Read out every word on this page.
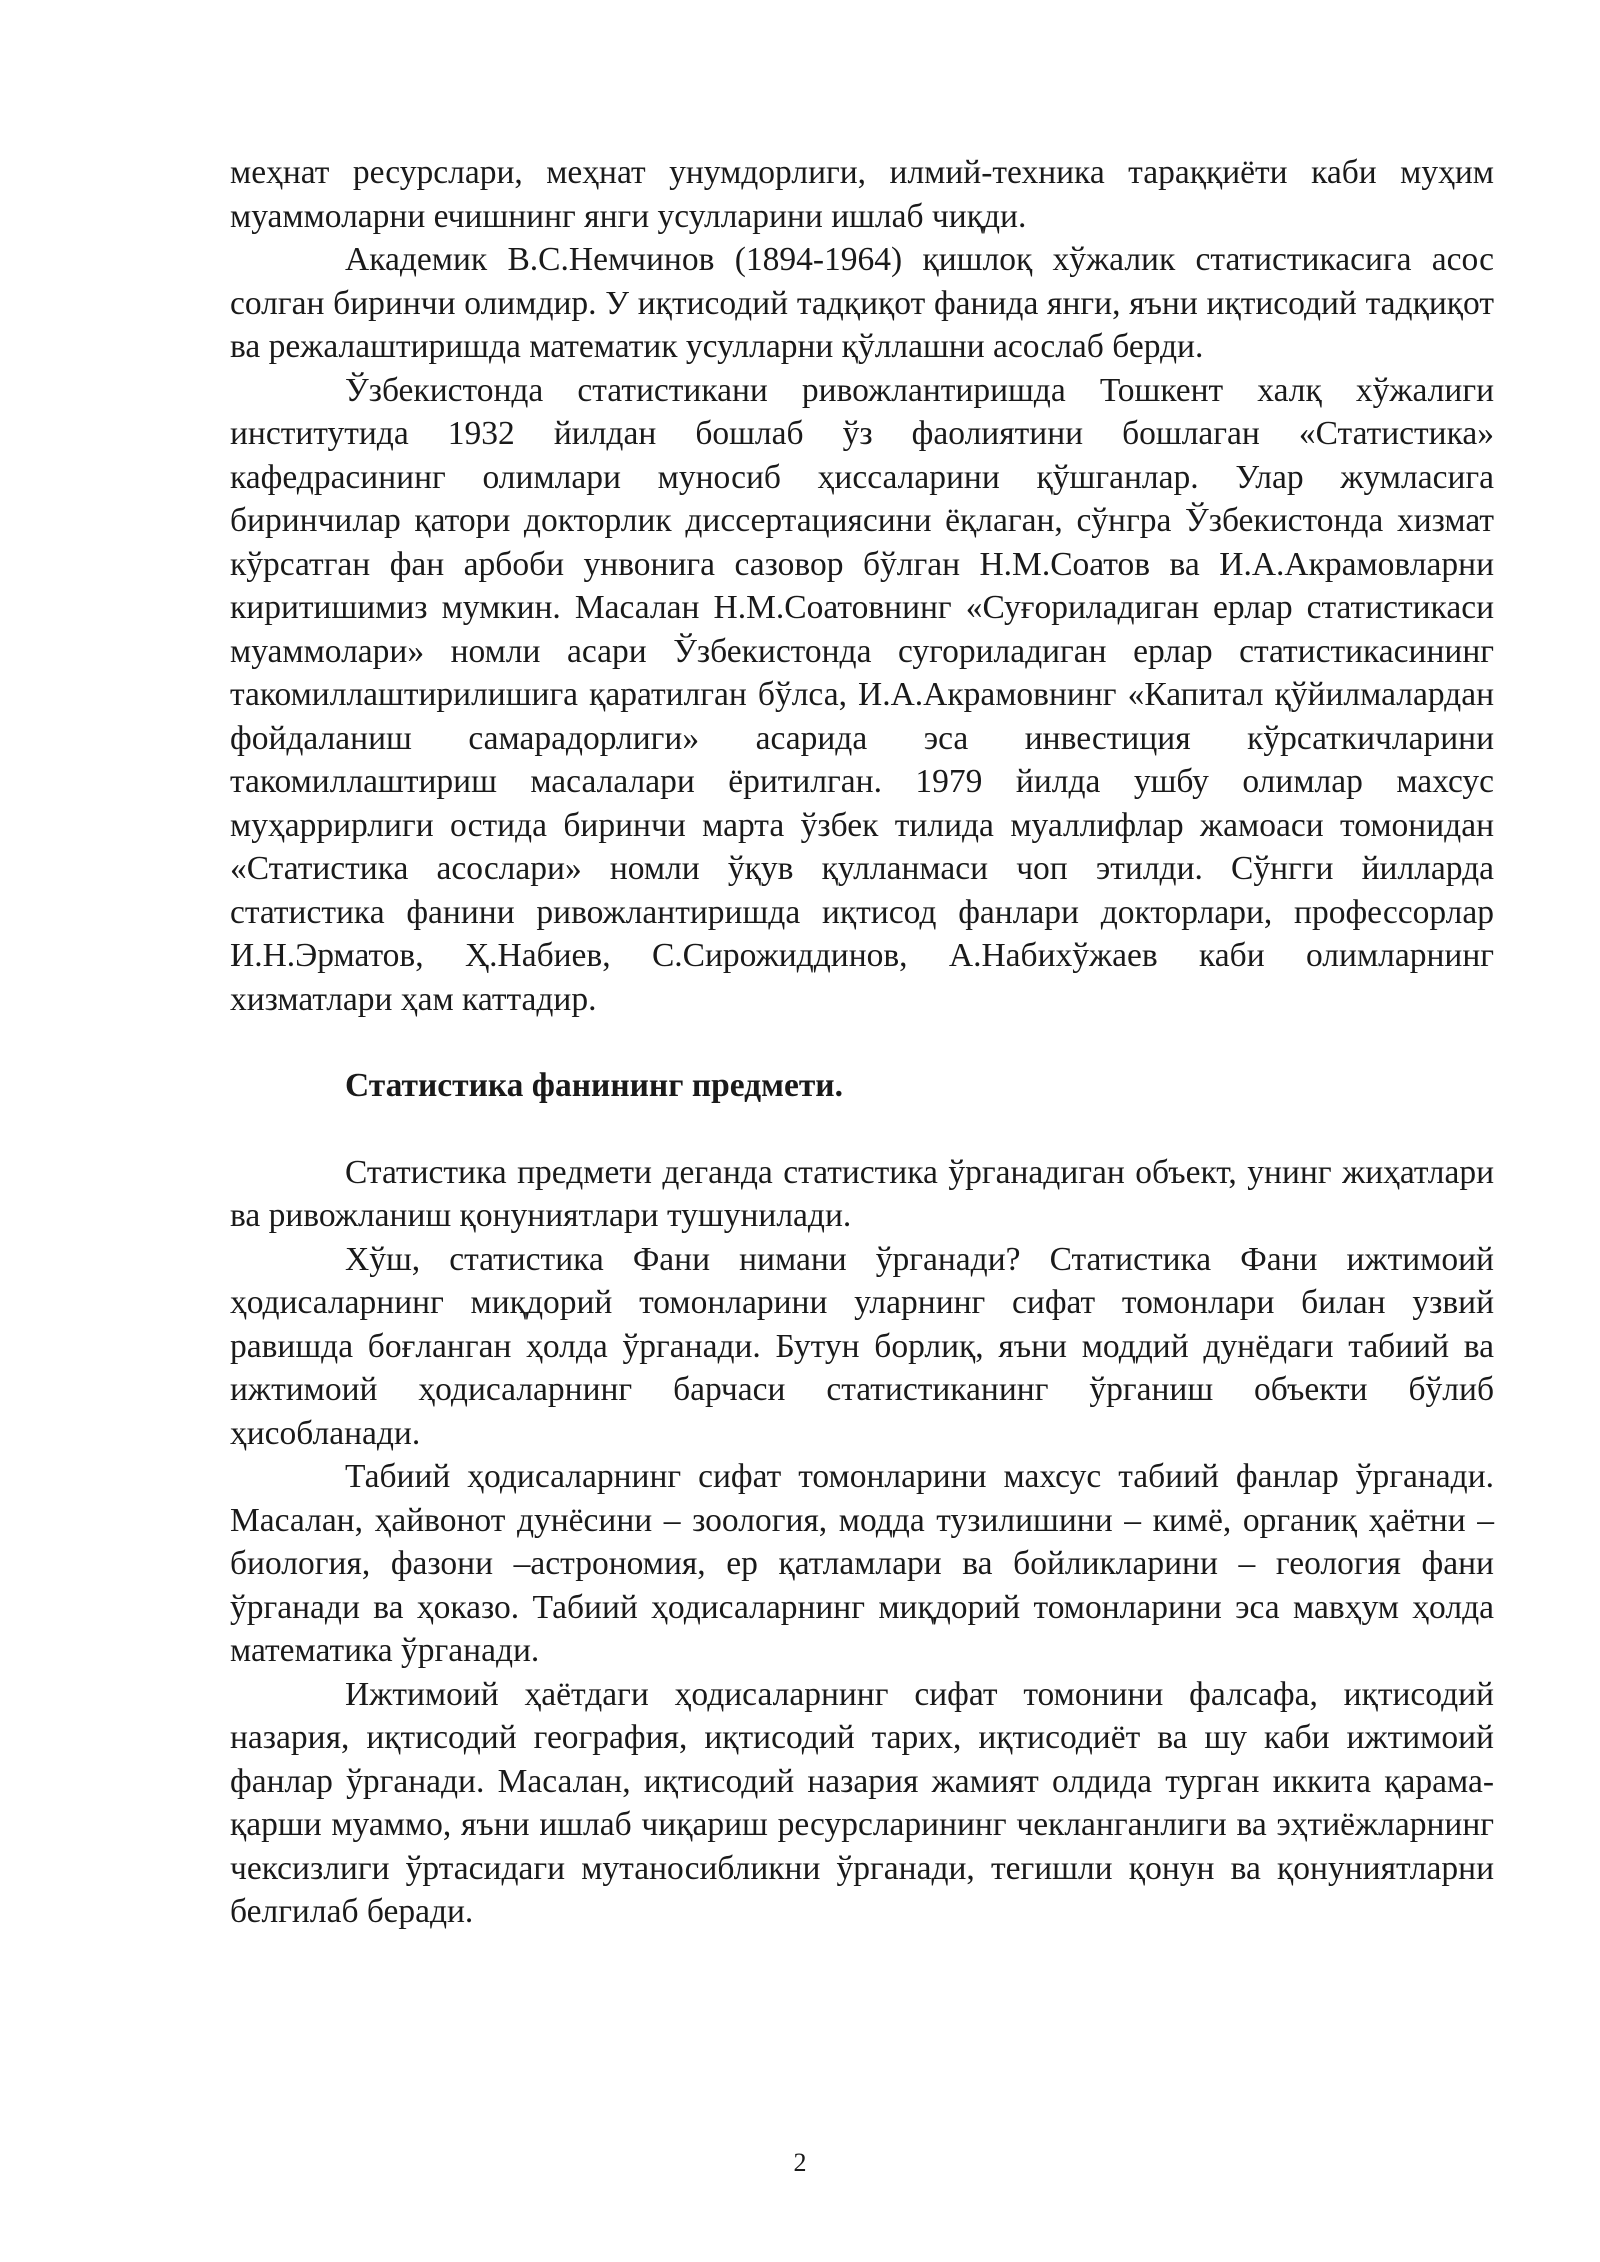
меҳнат ресурслари, меҳнат унумдорлиги, илмий-техника тараққиёти каби муҳим муаммоларни ечишнинг янги усулларини ишлаб чиқди.

Академик В.С.Немчинов (1894-1964) қишлоқ хўжалик статистикасига асос солган биринчи олимдир. У иқтисодий тадқиқот фанида янги, яъни иқтисодий тадқиқот ва режалаштиришда математик усулларни қўллашни асослаб берди.

Ўзбекистонда статистикани ривожлантиришда Тошкент халқ хўжалиги институтида 1932 йилдан бошлаб ўз фаолиятини бошлаган «Статистика» кафедрасининг олимлари муносиб ҳиссаларини қўшганлар. Улар жумласига биринчилар қатори докторлик диссертациясини ёқлаган, сўнгра Ўзбекистонда хизмат кўрсатган фан арбоби унвонига сазовор бўлган Н.М.Соатов ва И.А.Акрамовларни киритишимиз мумкин. Масалан Н.М.Соатовнинг «Суғориладиган ерлар статистикаси муаммолари» номли асари Ўзбекистонда сугориладиган ерлар статистикасининг такомиллаштирилишига қаратилган бўлса, И.А.Акрамовнинг «Капитал қўйилмалардан фойдаланиш самарадорлиги» асарида эса инвестиция кўрсаткичларини такомиллаштириш масалалари ёритилган. 1979 йилда ушбу олимлар махсус муҳаррирлиги остида биринчи марта ўзбек тилида муаллифлар жамоаси томонидан «Статистика асослари» номли ўқув қулланмаси чоп этилди. Сўнгги йилларда статистика фанини ривожлантиришда иқтисод фанлари докторлари, профессорлар И.Н.Эрматов, Ҳ.Набиев, С.Сирожиддинов, А.Набихўжаев каби олимларнинг хизматлари ҳам каттадир.

Статистика фанининг предмети.

Статистика предмети деганда статистика ўрганадиган объект, унинг жиҳатлари ва ривожланиш қонуниятлари тушунилади.

Хўш, статистика Фани нимани ўрганади? Статистика Фани ижтимоий ҳодисаларнинг миқдорий томонларини уларнинг сифат томонлари билан узвий равишда боғланган ҳолда ўрганади. Бутун борлиқ, яъни моддий дунёдаги табиий ва ижтимоий ҳодисаларнинг барчаси статистиканинг ўрганиш объекти бўлиб ҳисобланади.

Табиий ҳодисаларнинг сифат томонларини махсус табиий фанлар ўрганади. Масалан, ҳайвонот дунёсини – зоология, модда тузилишини – кимё, органиқ ҳаётни – биология, фазони –астрономия, ер қатламлари ва бойликларини – геология фани ўрганади ва ҳоказо. Табиий ҳодисаларнинг миқдорий томонларини эса мавҳум ҳолда математика ўрганади.

Ижтимоий ҳаётдаги ҳодисаларнинг сифат томонини фалсафа, иқтисодий назария, иқтисодий география, иқтисодий тарих, иқтисодиёт ва шу каби ижтимоий фанлар ўрганади. Масалан, иқтисодий назария жамият олдида турган иккита қарама-қарши муаммо, яъни ишлаб чиқариш ресурсларининг чекланганлиги ва эҳтиёжларнинг чексизлиги ўртасидаги мутаносибликни ўрганади, тегишли қонун ва қонуниятларни белгилаб беради.

2
